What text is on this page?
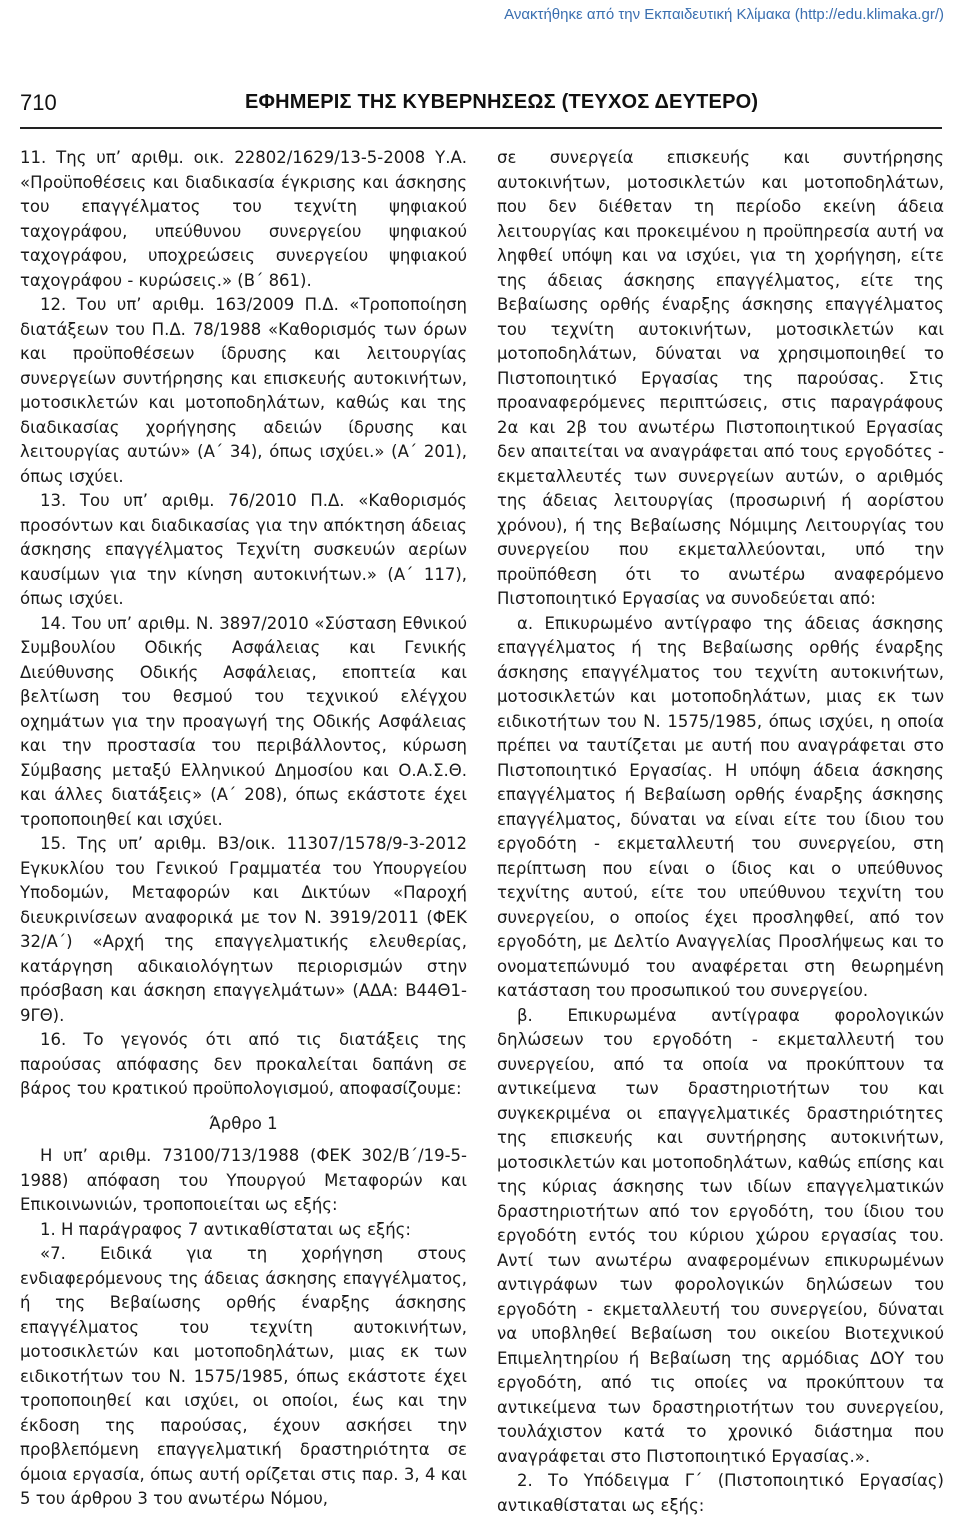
Ανακτήθηκε από την Εκπαιδευτική Κλίμακα (http://edu.klimaka.gr/)
710	ΕΦΗΜΕΡΙΣ ΤΗΣ ΚΥΒΕΡΝΗΣΕΩΣ (ΤΕΥΧΟΣ ΔΕΥΤΕΡΟ)

11. Της υπ’ αριθμ. οικ. 22802/1629/13-5-2008 Υ.Α. «Προϋποθέσεις και διαδικασία έγκρισης και άσκησης του επαγγέλματος του τεχνίτη ψηφιακού ταχογράφου, υπεύθυνου συνεργείου ψηφιακού ταχογράφου, υποχρεώσεις συνεργείου ψηφιακού ταχογράφου - κυρώσεις.» (Β΄ 861).

12. Του υπ’ αριθμ. 163/2009 Π.Δ. «Τροποποίηση διατάξεων του Π.Δ. 78/1988 «Καθορισμός των όρων και προϋποθέσεων ίδρυσης και λειτουργίας συνεργείων συντήρησης και επισκευής αυτοκινήτων, μοτοσικλετών και μοτοποδηλάτων, καθώς και της διαδικασίας χορήγησης αδειών ίδρυσης και λειτουργίας αυτών» (Α΄ 34), όπως ισχύει.» (Α΄ 201), όπως ισχύει.

13. Του υπ’ αριθμ. 76/2010 Π.Δ. «Καθορισμός προσόντων και διαδικασίας για την απόκτηση άδειας άσκησης επαγγέλματος Τεχνίτη συσκευών αερίων καυσίμων για την κίνηση αυτοκινήτων.» (Α΄ 117), όπως ισχύει.

14. Του υπ’ αριθμ. Ν. 3897/2010 «Σύσταση Εθνικού Συμβουλίου Οδικής Ασφάλειας και Γενικής Διεύθυνσης Οδικής Ασφάλειας, εποπτεία και βελτίωση του θεσμού του τεχνικού ελέγχου οχημάτων για την προαγωγή της Οδικής Ασφάλειας και την προστασία του περιβάλλοντος, κύρωση Σύμβασης μεταξύ Ελληνικού Δημοσίου και Ο.Α.Σ.Θ. και άλλες διατάξεις» (Α΄ 208), όπως εκάστοτε έχει τροποποιηθεί και ισχύει.

15. Της υπ’ αριθμ. Β3/οικ. 11307/1578/9-3-2012 Εγκυκλίου του Γενικού Γραμματέα του Υπουργείου Υποδομών, Μεταφορών και Δικτύων «Παροχή διευκρινίσεων αναφορικά με τον Ν. 3919/2011 (ΦΕΚ 32/Α΄) «Αρχή της επαγγελματικής ελευθερίας, κατάργηση αδικαιολόγητων περιορισμών στην πρόσβαση και άσκηση επαγγελμάτων» (ΑΔΑ: Β44Θ1-9ΓΘ).

16. Το γεγονός ότι από τις διατάξεις της παρούσας απόφασης δεν προκαλείται δαπάνη σε βάρος του κρατικού προϋπολογισμού, αποφασίζουμε:

Άρθρο 1

Η υπ’ αριθμ. 73100/713/1988 (ΦΕΚ 302/Β΄/19-5-1988) απόφαση του Υπουργού Μεταφορών και Επικοινωνιών, τροποποιείται ως εξής:

1. Η παράγραφος 7 αντικαθίσταται ως εξής:

«7. Ειδικά για τη χορήγηση στους ενδιαφερόμενους της άδειας άσκησης επαγγέλματος, ή της Βεβαίωσης ορθής έναρξης άσκησης επαγγέλματος του τεχνίτη αυτοκινήτων, μοτοσικλετών και μοτοποδηλάτων, μιας εκ των ειδικοτήτων του Ν. 1575/1985, όπως εκάστοτε έχει τροποποιηθεί και ισχύει, οι οποίοι, έως και την έκδοση της παρούσας, έχουν ασκήσει την προβλεπόμενη επαγγελματική δραστηριότητα σε όμοια εργασία, όπως αυτή ορίζεται στις παρ. 3, 4 και 5 του άρθρου 3 του ανωτέρω Νόμου,

σε συνεργεία επισκευής και συντήρησης αυτοκινήτων, μοτοσικλετών και μοτοποδηλάτων, που δεν διέθεταν τη περίοδο εκείνη άδεια λειτουργίας και προκειμένου η προϋπηρεσία αυτή να ληφθεί υπόψη και να ισχύει, για τη χορήγηση, είτε της άδειας άσκησης επαγγέλματος, είτε της Βεβαίωσης ορθής έναρξης άσκησης επαγγέλματος του τεχνίτη αυτοκινήτων, μοτοσικλετών και μοτοποδηλάτων, δύναται να χρησιμοποιηθεί το Πιστοποιητικό Εργασίας της παρούσας. Στις προαναφερόμενες περιπτώσεις, στις παραγράφους 2α και 2β του ανωτέρω Πιστοποιητικού Εργασίας δεν απαιτείται να αναγράφεται από τους εργοδότες - εκμεταλλευτές των συνεργείων αυτών, ο αριθμός της άδειας λειτουργίας (προσωρινή ή αορίστου χρόνου), ή της Βεβαίωσης Νόμιμης Λειτουργίας του συνεργείου που εκμεταλλεύονται, υπό την προϋπόθεση ότι το ανωτέρω αναφερόμενο Πιστοποιητικό Εργασίας να συνοδεύεται από:

α. Επικυρωμένο αντίγραφο της άδειας άσκησης επαγγέλματος ή της Βεβαίωσης ορθής έναρξης άσκησης επαγγέλματος του τεχνίτη αυτοκινήτων, μοτοσικλετών και μοτοποδηλάτων, μιας εκ των ειδικοτήτων του Ν. 1575/1985, όπως ισχύει, η οποία πρέπει να ταυτίζεται με αυτή που αναγράφεται στο Πιστοποιητικό Εργασίας. Η υπόψη άδεια άσκησης επαγγέλματος ή Βεβαίωση ορθής έναρξης άσκησης επαγγέλματος, δύναται να είναι είτε του ίδιου του εργοδότη - εκμεταλλευτή του συνεργείου, στη περίπτωση που είναι ο ίδιος και ο υπεύθυνος τεχνίτης αυτού, είτε του υπεύθυνου τεχνίτη του συνεργείου, ο οποίος έχει προσληφθεί, από τον εργοδότη, με Δελτίο Αναγγελίας Προσλήψεως και το ονοματεπώνυμό του αναφέρεται στη θεωρημένη κατάσταση του προσωπικού του συνεργείου.

β. Επικυρωμένα αντίγραφα φορολογικών δηλώσεων του εργοδότη - εκμεταλλευτή του συνεργείου, από τα οποία να προκύπτουν τα αντικείμενα των δραστηριοτήτων του και συγκεκριμένα οι επαγγελματικές δραστηριότητες της επισκευής και συντήρησης αυτοκινήτων, μοτοσικλετών και μοτοποδηλάτων, καθώς επίσης και της κύριας άσκησης των ιδίων επαγγελματικών δραστηριοτήτων από τον εργοδότη, του ίδιου του εργοδότη εντός του κύριου χώρου εργασίας του. Αντί των ανωτέρω αναφερομένων επικυρωμένων αντιγράφων των φορολογικών δηλώσεων του εργοδότη - εκμεταλλευτή του συνεργείου, δύναται να υποβληθεί Βεβαίωση του οικείου Βιοτεχνικού Επιμελητηρίου ή Βεβαίωση της αρμόδιας ΔΟΥ του εργοδότη, από τις οποίες να προκύπτουν τα αντικείμενα των δραστηριοτήτων του συνεργείου, τουλάχιστον κατά το χρονικό διάστημα που αναγράφεται στο Πιστοποιητικό Εργασίας.».

2. Το Υπόδειγμα Γ΄ (Πιστοποιητικό Εργασίας) αντικαθίσταται ως εξής:
